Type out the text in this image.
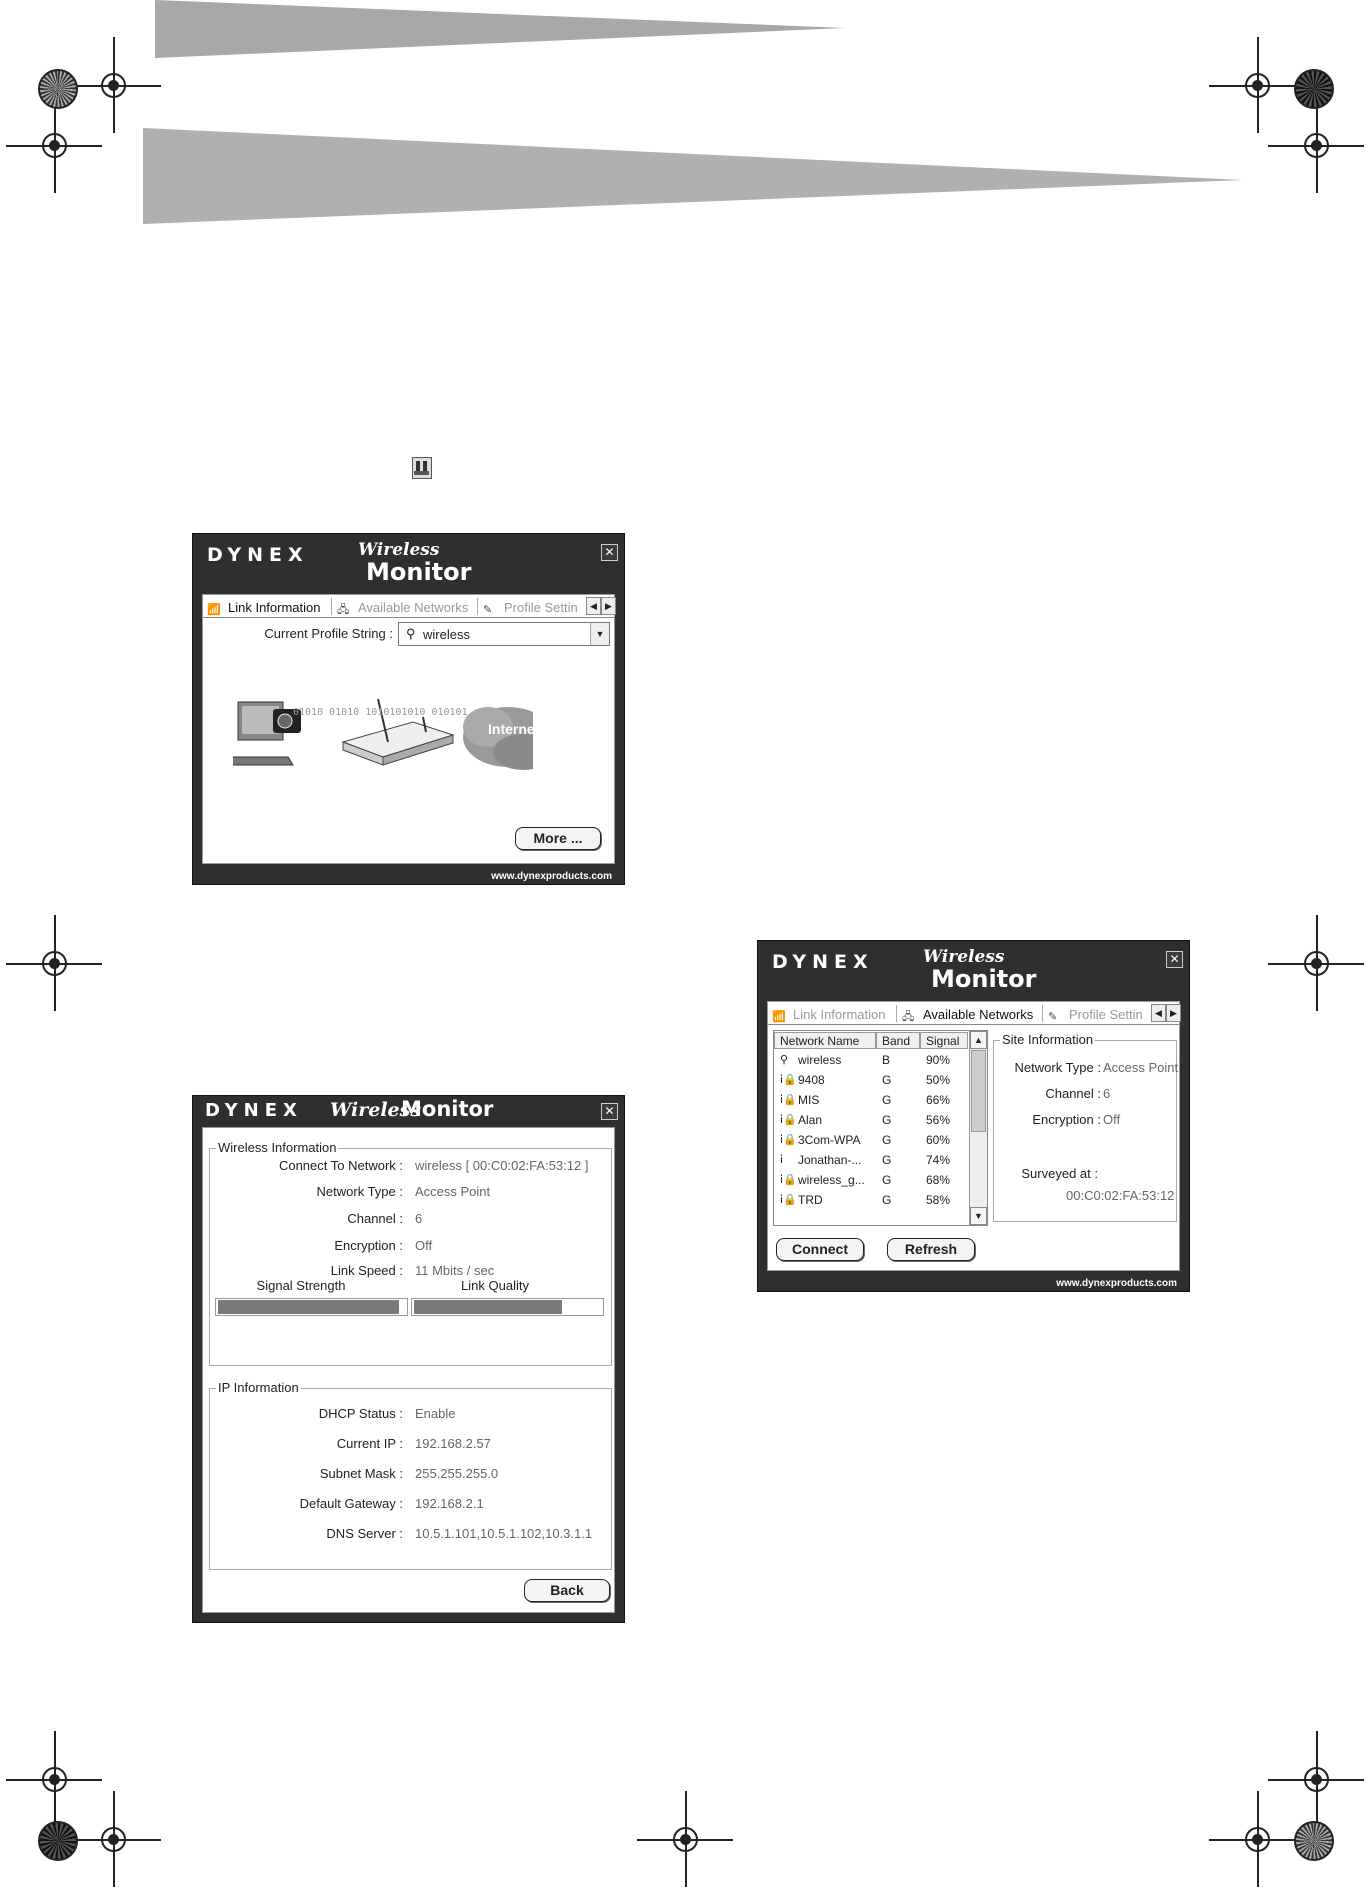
DYNEX	Wireless
Monitor
✕
📶 Link Information 🖧 Available Networks ✎ Profile Settin	◀ ▶
Current Profile String : ⚲ wireless	▼
01010 01010 1010101010 010101
Internet
More ...
www.dynexproducts.com
DYNEX Wireless
Monitor	✕
Wireless Information
Connect To Network : wireless [ 00:C0:02:FA:53:12 ]
Network Type : Access Point
Channel : 6
Encryption : Off
Link Speed : 11 Mbits / sec
Signal Strength	Link Quality
IP Information
DHCP Status : Enable
Current IP : 192.168.2.57
Subnet Mask : 255.255.255.0
Default Gateway : 192.168.2.1
DNS Server : 10.5.1.101,10.5.1.102,10.3.1.1
Back
DYNEX	Wireless
Monitor
✕
📶 Link Information 🖧 Available Networks ✎ Profile Settin	◀ ▶
Network Name	Band	Signal
⚲ wireless	B	90%
ⅰ🔒 9408	G	50%
ⅰ🔒 MIS	G	66%
ⅰ🔒 Alan	G	56%
ⅰ🔒 3Com-WPA G	60%
ⅰ Jonathan-... G	74%
ⅰ🔒 wireless_g... G	68%
ⅰ🔒 TRD	G	58%
▲
▼
Site Information
Network Type : Access Point
Channel : 6
Encryption : Off
Surveyed at :
00:C0:02:FA:53:12
Connect	Refresh
www.dynexproducts.com
